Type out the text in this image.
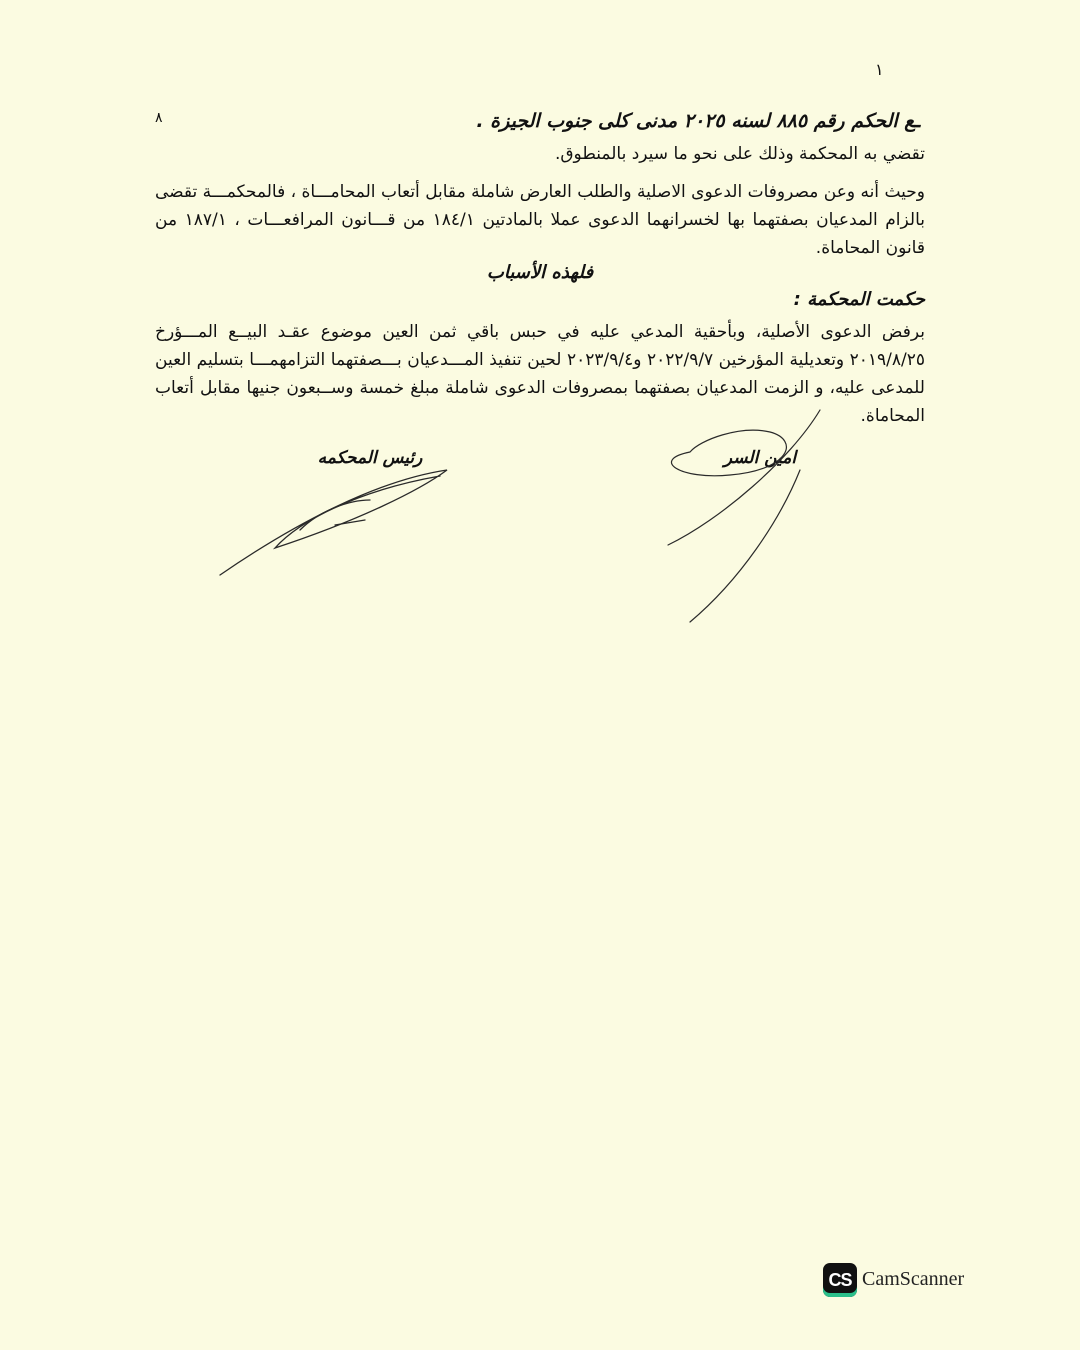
١
٨	ـع الحكم رقم ٨٨٥ لسنه ٢٠٢٥ مدنى كلى جنوب الجيزة .
تقضي به المحكمة وذلك على نحو ما سيرد بالمنطوق.
وحيث أنه وعن مصروفات الدعوى الاصلية والطلب العارض شاملة مقابل أتعاب المحامـــاة ، فالمحكمـــة تقضى بالزام المدعيان بصفتهما بها لخسرانهما الدعوى عملا بالمادتين ١٨٤/١ من قـــانون المرافعـــات ، ١٨٧/١ من قانون المحاماة.
فلهذه الأسباب
حكمت المحكمة :
برفض الدعوى الأصلية، وبأحقية المدعي عليه في حبس باقي ثمن العين موضوع عقـد البيــع المـــؤرخ ٢٠١٩/٨/٢٥ وتعديلية المؤرخين ٢٠٢٢/٩/٧ و٢٠٢٣/٩/٤ لحين تنفيذ المـــدعيان بـــصفتهما التزامهمـــا بتسليم العين للمدعى عليه، و الزمت المدعيان بصفتهما بمصروفات الدعوى شاملة مبلغ خمسة وســبعون جنيها مقابل أتعاب المحاماة.
امين السر
رئيس المحكمه
CS CamScanner
